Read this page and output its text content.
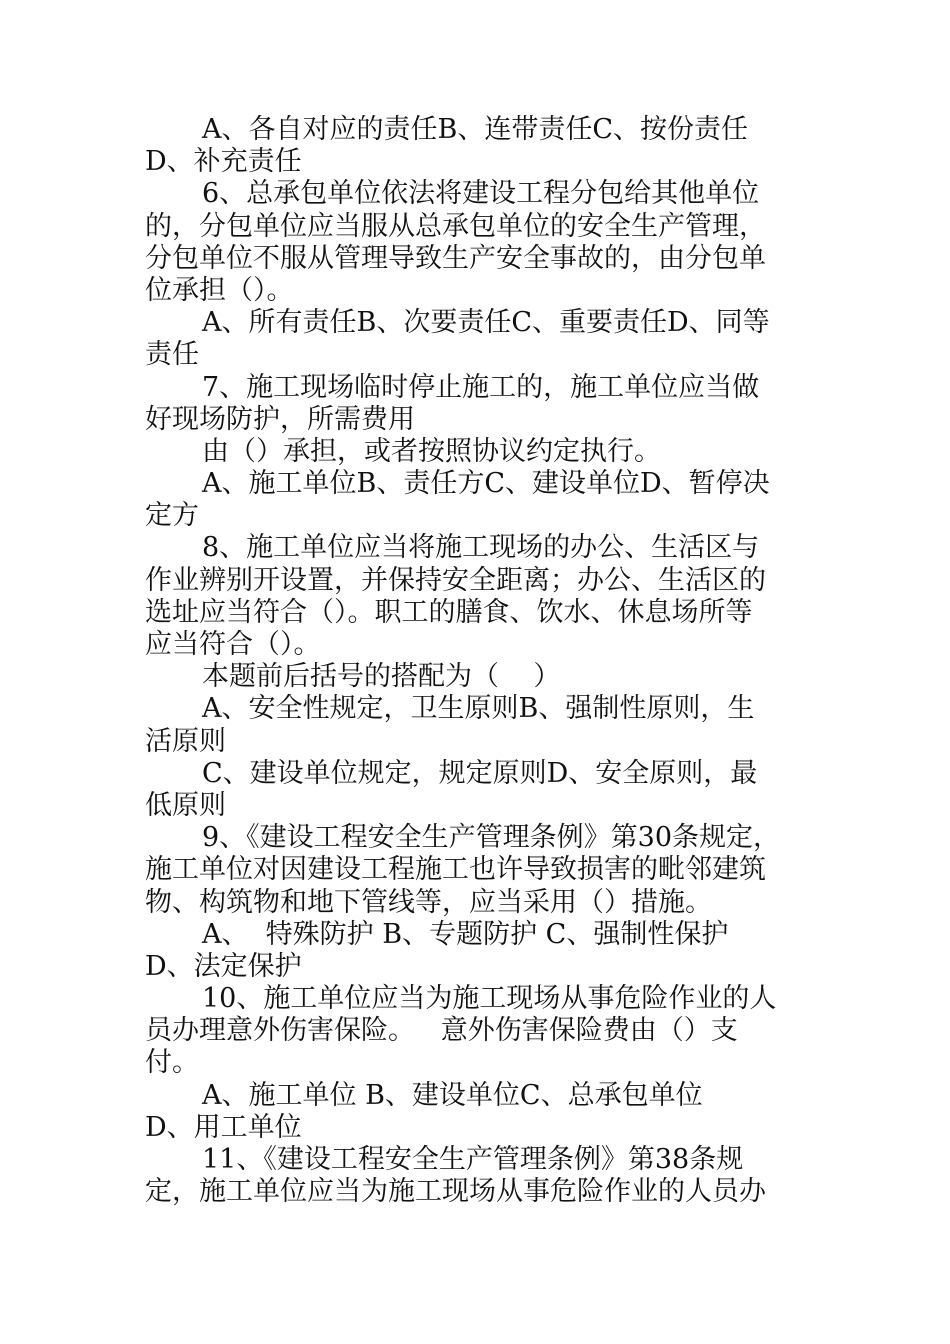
A、各自对应的责任B、连带责任C、按份责任
D、补充责任
6、总承包单位依法将建设工程分包给其他单位
的，分包单位应当服从总承包单位的安全生产管理，
分包单位不服从管理导致生产安全事故的，由分包单
位承担（）。
A、所有责任B、次要责任C、重要责任D、同等
责任
7、施工现场临时停止施工的，施工单位应当做
好现场防护，所需费用
由（）承担，或者按照协议约定执行。
A、施工单位B、责任方C、建设单位D、暂停决
定方
8、施工单位应当将施工现场的办公、生活区与
作业辨别开设置，并保持安全距离；办公、生活区的
选址应当符合（）。职工的膳食、饮水、休息场所等
应当符合（）。
本题前后括号的搭配为（    ）
A、安全性规定，卫生原则B、强制性原则，生
活原则
C、建设单位规定，规定原则D、安全原则，最
低原则
9、《建设工程安全生产管理条例》第30条规定，
施工单位对因建设工程施工也许导致损害的毗邻建筑
物、构筑物和地下管线等，应当采用（）措施。
A、  特殊防护 B、专题防护 C、强制性保护
D、法定保护
10、施工单位应当为施工现场从事危险作业的人
员办理意外伤害保险。   意外伤害保险费由（）支
付。
A、施工单位 B、建设单位C、总承包单位
D、用工单位
11、《建设工程安全生产管理条例》第38条规
定，施工单位应当为施工现场从事危险作业的人员办
